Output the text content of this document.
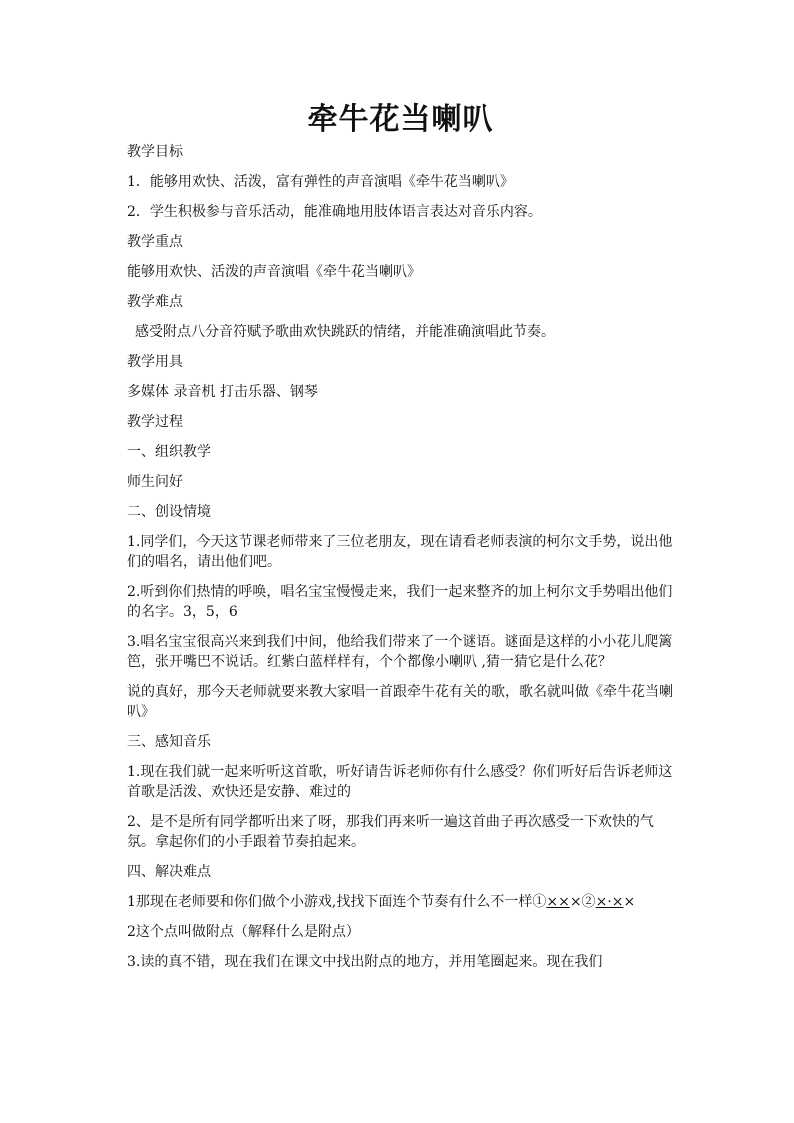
牵牛花当喇叭

教学目标

1．能够用欢快、活泼，富有弹性的声音演唱《牵牛花当喇叭》

2．学生积极参与音乐活动，能准确地用肢体语言表达对音乐内容。

教学重点

能够用欢快、活泼的声音演唱《牵牛花当喇叭》

教学难点

感受附点八分音符赋予歌曲欢快跳跃的情绪，并能准确演唱此节奏。

教学用具

多媒体 录音机 打击乐器、钢琴

教学过程

一、组织教学

师生问好

二、创设情境

1.同学们，今天这节课老师带来了三位老朋友，现在请看老师表演的柯尔文手势，说出他们的唱名，请出他们吧。

2.听到你们热情的呼唤，唱名宝宝慢慢走来，我们一起来整齐的加上柯尔文手势唱出他们的名字。3，5，6

3.唱名宝宝很高兴来到我们中间，他给我们带来了一个谜语。谜面是这样的小小花儿爬篱笆，张开嘴巴不说话。红紫白蓝样样有，个个都像小喇叭 ,猜一猜它是什么花？

说的真好，那今天老师就要来教大家唱一首跟牵牛花有关的歌，歌名就叫做《牵牛花当喇叭》

三、感知音乐

1.现在我们就一起来听听这首歌，听好请告诉老师你有什么感受？你们听好后告诉老师这首歌是活泼、欢快还是安静、难过的

2、是不是所有同学都听出来了呀，那我们再来听一遍这首曲子再次感受一下欢快的气氛。拿起你们的小手跟着节奏拍起来。

四、解决难点

1那现在老师要和你们做个小游戏,找找下面连个节奏有什么不一样①×××②×·××

2这个点叫做附点（解释什么是附点）

3.读的真不错，现在我们在课文中找出附点的地方，并用笔圈起来。现在我们
